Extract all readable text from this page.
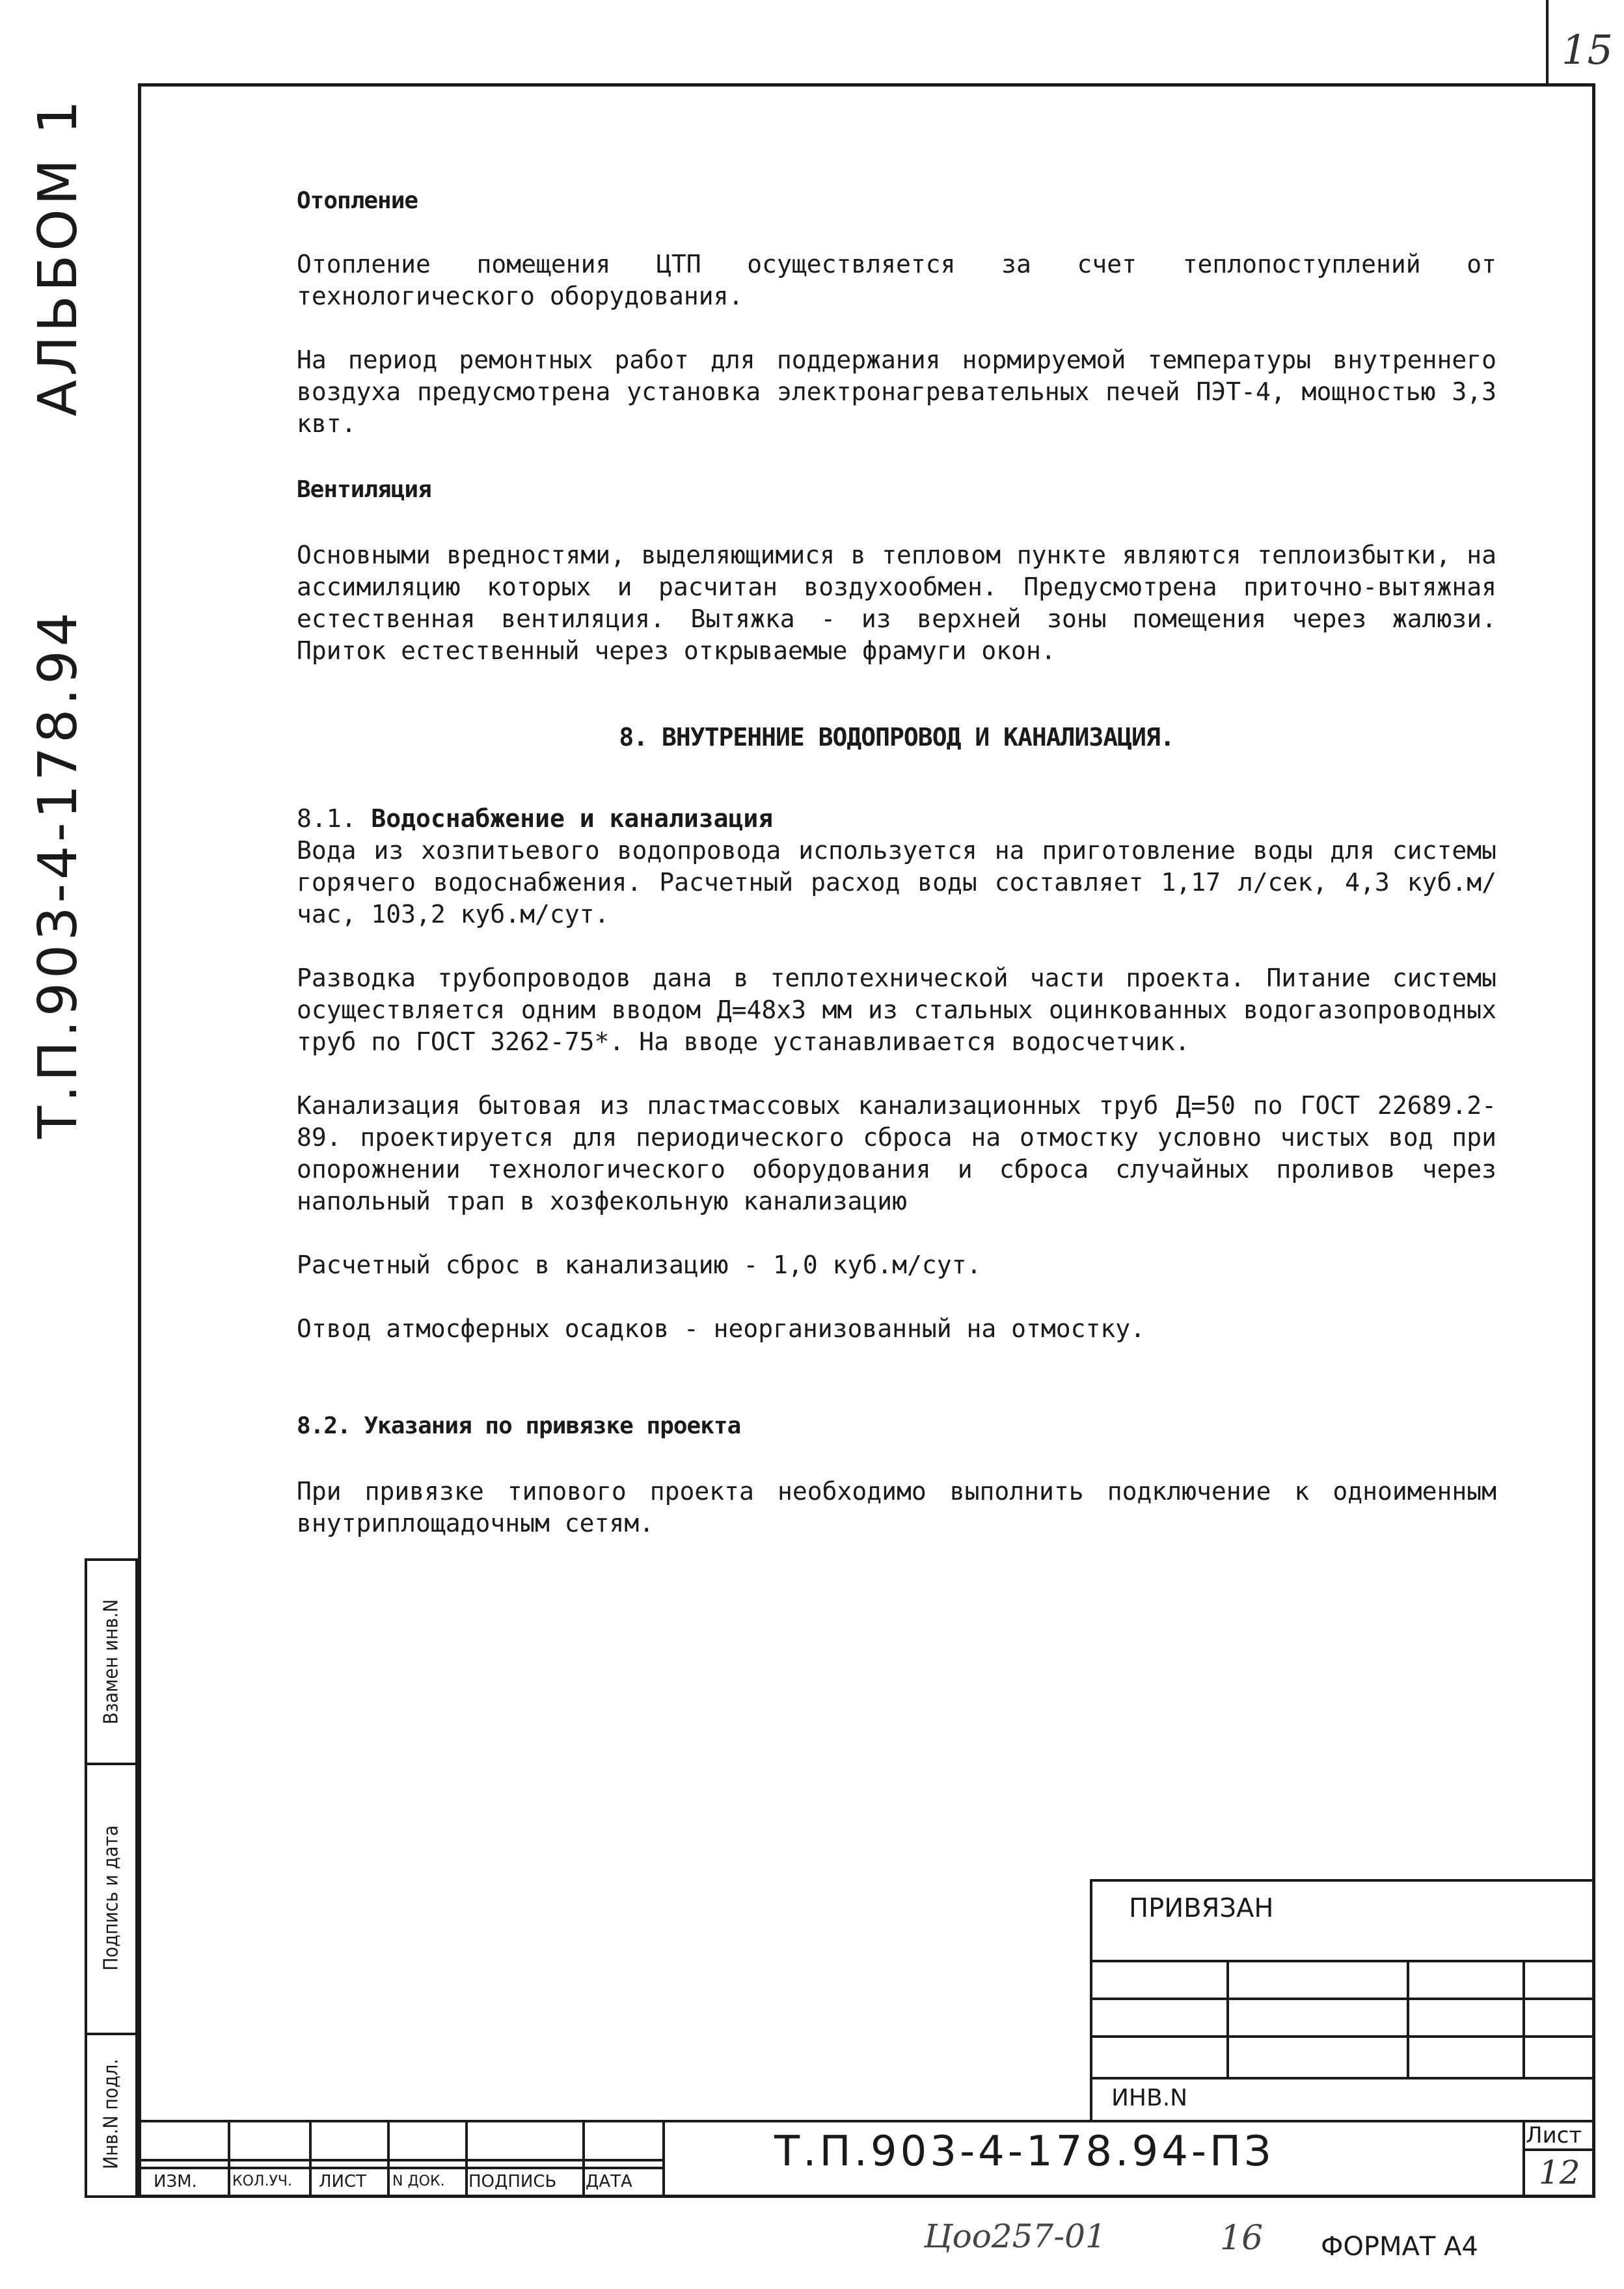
15
Т.П.903-4-178.94
АЛЬБОМ 1
Взамен инв.N
Подпись и дата
Инв.N подл.
Отопление

Отопление помещения ЦТП осуществляется за счет теплопоступлений от технологического оборудования.

На период ремонтных работ для поддержания нормируемой температуры внутреннего воздуха предусмотрена установка электронагревательных печей ПЭТ-4, мощностью 3,3 квт.

Вентиляция

Основными вредностями, выделяющимися в тепловом пункте являются теплоизбытки, на ассимиляцию которых и расчитан воздухообмен. Предусмотрена приточно-вытяжная естественная вентиляция. Вытяжка - из верхней зоны помещения через жалюзи. Приток естественный через открываемые фрамуги окон.

8. ВНУТРЕННИЕ ВОДОПРОВОД И КАНАЛИЗАЦИЯ.

8.1. Водоснабжение и канализация

Вода из хозпитьевого водопровода используется на приготовление воды для системы горячего водоснабжения. Расчетный расход воды составляет 1,17 л/сек, 4,3 куб.м/час, 103,2 куб.м/сут.

Разводка трубопроводов дана в теплотехнической части проекта. Питание системы осуществляется одним вводом Д=48х3 мм из стальных оцинкованных водогазопроводных труб по ГОСТ 3262-75*. На вводе устанавливается водосчетчик.

Канализация бытовая из пластмассовых канализационных труб Д=50 по ГОСТ 22689.2-89. проектируется для периодического сброса на отмостку условно чистых вод при опорожнении технологического оборудования и сброса случайных проливов через напольный трап в хозфекольную канализацию

Расчетный сброс в канализацию - 1,0 куб.м/сут.

Отвод атмосферных осадков - неорганизованный на отмостку.

8.2. Указания по привязке проекта

При привязке типового проекта необходимо выполнить подключение к одноименным внутриплощадочным сетям.

ПРИВЯЗАН
ИНВ.N
ИЗМ. КОЛ.УЧ. ЛИСТ N ДОК. ПОДПИСЬ ДАТА
Т.П.903-4-178.94-ПЗ	Лист
12
Цоо257-01	16 ФОРМАТ А4
